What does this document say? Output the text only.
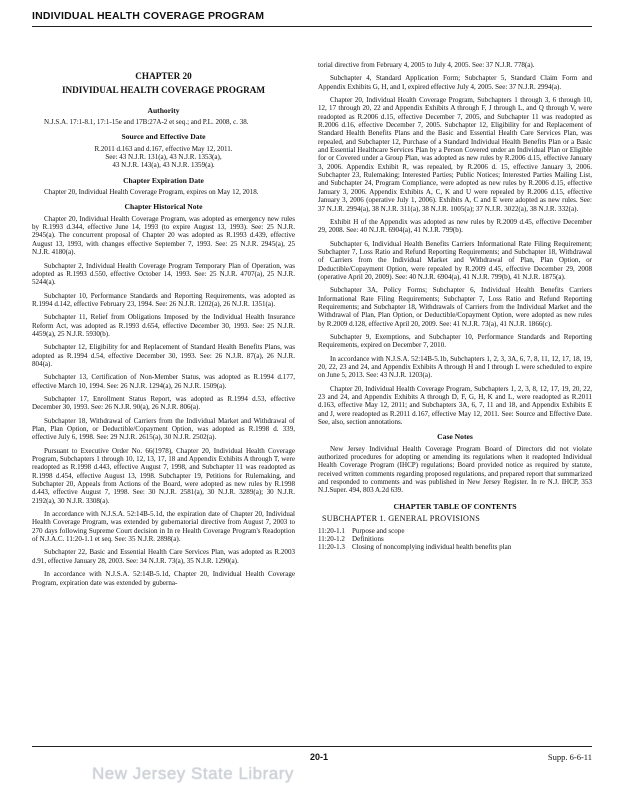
INDIVIDUAL HEALTH COVERAGE PROGRAM
CHAPTER 20
INDIVIDUAL HEALTH COVERAGE PROGRAM
Authority

N.J.S.A. 17:1-8.1, 17:1-15e and 17B:27A-2 et seq.; and P.L. 2008, c. 38.

Source and Effective Date

R.2011 d.163 and d.167, effective May 12, 2011.

See: 43 N.J.R. 131(a), 43 N.J.R. 1353(a),

43 N.J.R. 143(a), 43 N.J.R. 1359(a).

Chapter Expiration Date

Chapter 20, Individual Health Coverage Program, expires on May 12, 2018.

Chapter Historical Note

Chapter 20, Individual Health Coverage Program, was adopted as emergency new rules by R.1993 d.344, effective June 14, 1993 (to expire August 13, 1993). See: 25 N.J.R. 2945(a). The concurrent proposal of Chapter 20 was adopted as R.1993 d.439, effective August 13, 1993, with changes effective September 7, 1993. See: 25 N.J.R. 2945(a), 25 N.J.R. 4180(a).

Subchapter 2, Individual Health Coverage Program Temporary Plan of Operation, was adopted as R.1993 d.550, effective October 14, 1993. See: 25 N.J.R. 4707(a), 25 N.J.R. 5244(a).

Subchapter 10, Performance Standards and Reporting Requirements, was adopted as R.1994 d.142, effective February 23, 1994. See: 26 N.J.R. 1202(a), 26 N.J.R. 1351(a).

Subchapter 11, Relief from Obligations Imposed by the Individual Health Insurance Reform Act, was adopted as R.1993 d.654, effective December 30, 1993. See: 25 N.J.R. 4459(a), 25 N.J.R. 5930(b).

Subchapter 12, Eligibility for and Replacement of Standard Health Benefits Plans, was adopted as R.1994 d.54, effective December 30, 1993. See: 26 N.J.R. 87(a), 26 N.J.R. 804(a).

Subchapter 13, Certification of Non-Member Status, was adopted as R.1994 d.177, effective March 10, 1994. See: 26 N.J.R. 1294(a), 26 N.J.R. 1509(a).

Subchapter 17, Enrollment Status Report, was adopted as R.1994 d.53, effective December 30, 1993. See: 26 N.J.R. 90(a), 26 N.J.R. 806(a).

Subchapter 18, Withdrawal of Carriers from the Individual Market and Withdrawal of Plan, Plan Option, or Deductible/Copayment Option, was adopted as R.1998 d. 339, effective July 6, 1998. See: 29 N.J.R. 2615(a), 30 N.J.R. 2502(a).

Pursuant to Executive Order No. 66(1978), Chapter 20, Individual Health Coverage Program, Subchapters 1 through 10, 12, 13, 17, 18 and Appendix Exhibits A through T, were readopted as R.1998 d.443, effective August 7, 1998, and Subchapter 11 was readopted as R.1998 d.454, effective August 13, 1998. Subchapter 19, Petitions for Rulemaking, and Subchapter 20, Appeals from Actions of the Board, were adopted as new rules by R.1998 d.443, effective August 7, 1998. See: 30 N.J.R. 2581(a), 30 N.J.R. 3289(a); 30 N.J.R. 2192(a), 30 N.J.R. 3308(a).

In accordance with N.J.S.A. 52:14B-5.1d, the expiration date of Chapter 20, Individual Health Coverage Program, was extended by gubernatorial directive from August 7, 2003 to 270 days following Supreme Court decision in In re Health Coverage Program's Readoption of N.J.A.C. 11:20-1.1 et seq. See: 35 N.J.R. 2898(a).

Subchapter 22, Basic and Essential Health Care Services Plan, was adopted as R.2003 d.91, effective January 28, 2003. See: 34 N.J.R. 73(a), 35 N.J.R. 1290(a).

In accordance with N.J.S.A. 52:14B-5.1d, Chapter 20, Individual Health Coverage Program, expiration date was extended by guberna-

torial directive from February 4, 2005 to July 4, 2005. See: 37 N.J.R. 778(a).

Subchapter 4, Standard Application Form; Subchapter 5, Standard Claim Form and Appendix Exhibits G, H, and I, expired effective July 4, 2005. See: 37 N.J.R. 2994(a).

Chapter 20, Individual Health Coverage Program, Subchapters 1 through 3, 6 through 10, 12, 17 through 20, 22 and Appendix Exhibits A through F, J through L, and Q through V, were readopted as R.2006 d.15, effective December 7, 2005, and Subchapter 11 was readopted as R.2006 d.16, effective December 7, 2005. Subchapter 12, Eligibility for and Replacement of Standard Health Benefits Plans and the Basic and Essential Health Care Services Plan, was repealed, and Subchapter 12, Purchase of a Standard Individual Health Benefits Plan or a Basic and Essential Healthcare Services Plan by a Person Covered under an Individual Plan or Eligible for or Covered under a Group Plan, was adopted as new rules by R.2006 d.15, effective January 3, 2006. Appendix Exhibit R, was repealed, by R.2006 d. 15, effective January 3, 2006. Subchapter 23, Rulemaking; Interested Parties; Public Notices; Interested Parties Mailing List, and Subchapter 24, Program Compliance, were adopted as new rules by R.2006 d.15, effective January 3, 2006. Appendix Exhibits A, C, K and U were repealed by R.2006 d.15, effective January 3, 2006 (operative July 1, 2006). Exhibits A, C and E were adopted as new rules. See: 37 N.J.R. 2994(a), 38 N.J.R. 311(a), 38 N.J.R. 1005(a); 37 N.J.R. 3022(a), 38 N.J.R. 332(a).

Exhibit H of the Appendix was adopted as new rules by R.2009 d.45, effective December 29, 2008. See: 40 N.J.R. 6904(a), 41 N.J.R. 799(b).

Subchapter 6, Individual Health Benefits Carriers Informational Rate Filing Requirement; Subchapter 7, Loss Ratio and Refund Reporting Requirements; and Subchapter 18, Withdrawal of Carriers from the Individual Market and Withdrawal of Plan, Plan Option, or Deductible/Copayment Option, were repealed by R.2009 d.45, effective December 29, 2008 (operative April 20, 2009). See: 40 N.J.R. 6904(a), 41 N.J.R. 799(b), 41 N.J.R. 1875(a).

Subchapter 3A, Policy Forms; Subchapter 6, Individual Health Benefits Carriers Informational Rate Filing Requirements; Subchapter 7, Loss Ratio and Refund Reporting Requirements; and Subchapter 18, Withdrawals of Carriers from the Individual Market and the Withdrawal of Plan, Plan Option, or Deductible/Copayment Option, were adopted as new rules by R.2009 d.128, effective April 20, 2009. See: 41 N.J.R. 73(a), 41 N.J.R. 1866(c).

Subchapter 9, Exemptions, and Subchapter 10, Performance Standards and Reporting Requirements, expired on December 7, 2010.

In accordance with N.J.S.A. 52:14B-5.1b, Subchapters 1, 2, 3, 3A, 6, 7, 8, 11, 12, 17, 18, 19, 20, 22, 23 and 24, and Appendix Exhibits A through H and I through L were scheduled to expire on June 5, 2013. See: 43 N.J.R. 1203(a).

Chapter 20, Individual Health Coverage Program, Subchapters 1, 2, 3, 8, 12, 17, 19, 20, 22, 23 and 24, and Appendix Exhibits A through D, F, G, H, K and L, were readopted as R.2011 d.163, effective May 12, 2011; and Subchapters 3A, 6, 7, 11 and 18, and Appendix Exhibits E and J, were readopted as R.2011 d.167, effective May 12, 2011. See: Source and Effective Date. See, also, section annotations.

Case Notes

New Jersey Individual Health Coverage Program Board of Directors did not violate authorized procedures for adopting or amending its regulations when it readopted Individual Health Coverage Program (IHCP) regulations; Board provided notice as required by statute, received written comments regarding proposed regulations, and prepared report that summarized and responded to comments and was published in New Jersey Register. In re N.J. IHCP, 353 N.J.Super. 494, 803 A.2d 639.

CHAPTER TABLE OF CONTENTS
SUBCHAPTER 1. GENERAL PROVISIONS
11:20-1.1 Purpose and scope
11:20-1.2 Definitions
11:20-1.3 Closing of noncomplying individual health benefits plan
20-1	Supp. 6-6-11
New Jersey State Library
